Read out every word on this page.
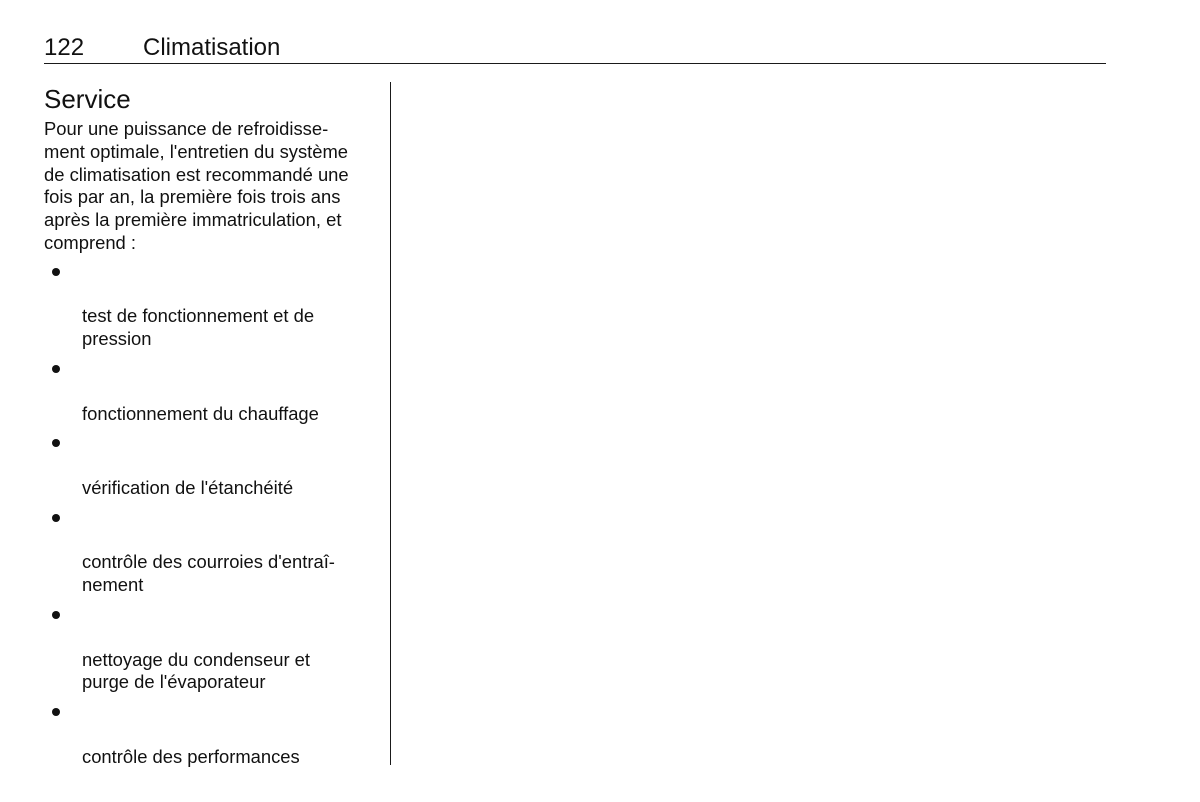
122 Climatisation
Service

Pour une puissance de refroidisse-
ment optimale, l'entretien du système
de climatisation est recommandé une
fois par an, la première fois trois ans
après la première immatriculation, et
comprend :

test de fonctionnement et de
pression

fonctionnement du chauffage

vérification de l'étanchéité

contrôle des courroies d'entraî-
nement

nettoyage du condenseur et
purge de l'évaporateur

contrôle des performances
